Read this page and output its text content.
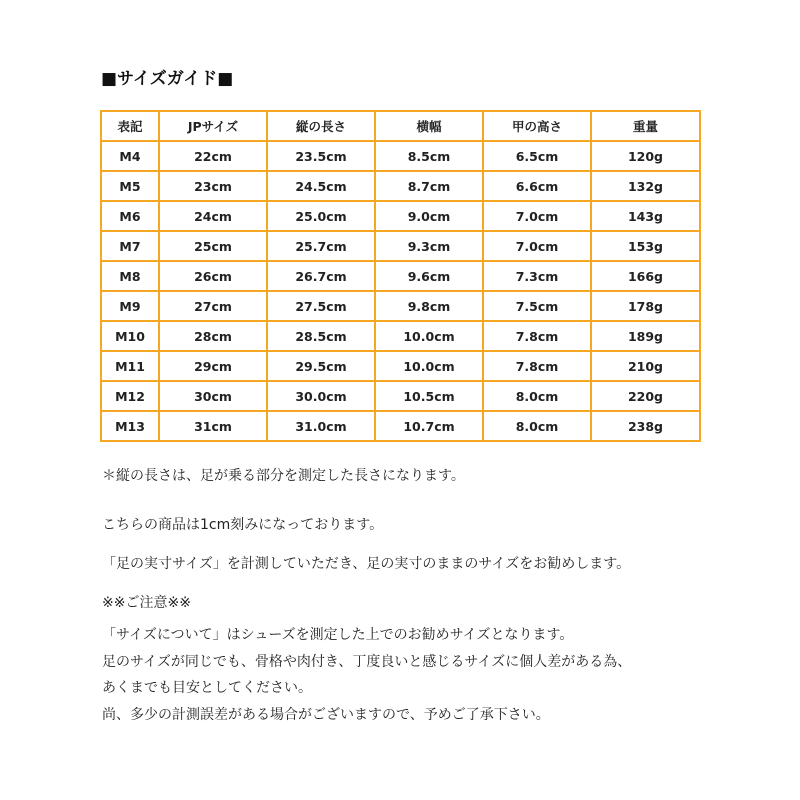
■サイズガイド■
表記	JPサイズ	縦の長さ	横幅	甲の高さ	重量
M4	22cm	23.5cm	8.5cm	6.5cm	120g
M5	23cm	24.5cm	8.7cm	6.6cm	132g
M6	24cm	25.0cm	9.0cm	7.0cm	143g
M7	25cm	25.7cm	9.3cm	7.0cm	153g
M8	26cm	26.7cm	9.6cm	7.3cm	166g
M9	27cm	27.5cm	9.8cm	7.5cm	178g
M10	28cm	28.5cm	10.0cm	7.8cm	189g
M11	29cm	29.5cm	10.0cm	7.8cm	210g
M12	30cm	30.0cm	10.5cm	8.0cm	220g
M13	31cm	31.0cm	10.7cm	8.0cm	238g
＊縦の長さは、足が乗る部分を測定した長さになります。
こちらの商品は1cm刻みになっております。
「足の実寸サイズ」を計測していただき、足の実寸のままのサイズをお勧めします。
※※ご注意※※
「サイズについて」はシューズを測定した上でのお勧めサイズとなります。
足のサイズが同じでも、骨格や肉付き、丁度良いと感じるサイズに個人差がある為、
あくまでも目安としてください。
尚、多少の計測誤差がある場合がございますので、予めご了承下さい。
